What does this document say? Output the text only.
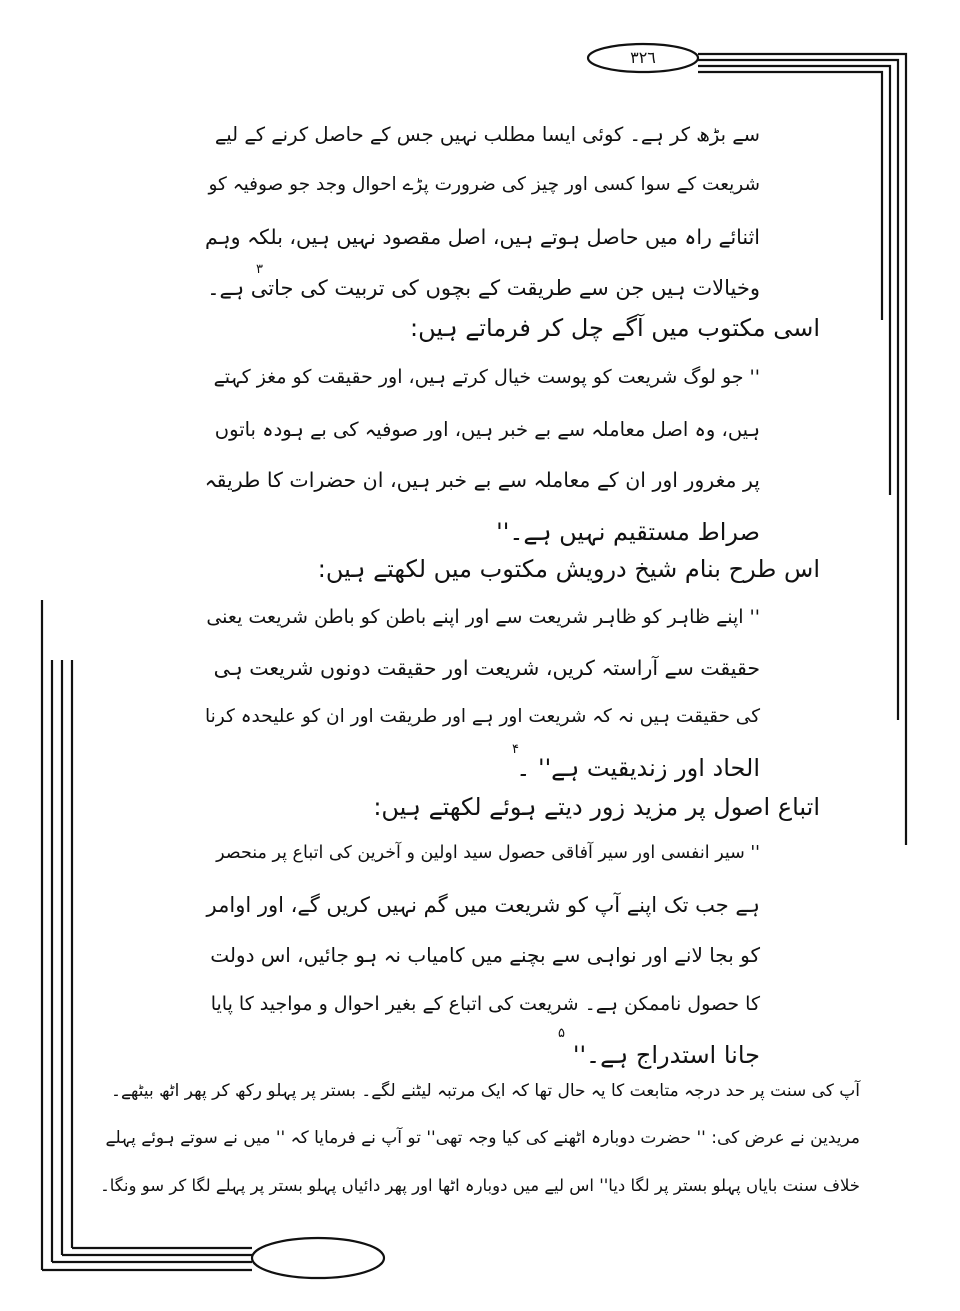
٣٢٦
سے بڑھ کر ہے۔ کوئی ایسا مطلب نہیں جس کے حاصل کرنے کے لیے
شریعت کے سوا کسی اور چیز کی ضرورت پڑے احوال وجد جو صوفیہ کو
اثنائے راہ میں حاصل ہوتے ہیں، اصل مقصود نہیں ہیں، بلکہ وہم
وخیالات ہیں جن سے طریقت کے بچوں کی تربیت کی جاتی ہے۔
۳
اسی مکتوب میں آگے چل کر فرماتے ہیں:
'' جو لوگ شریعت کو پوست خیال کرتے ہیں، اور حقیقت کو مغز کہتے
ہیں، وہ اصل معاملہ سے بے خبر ہیں، اور صوفیہ کی بے ہودہ باتوں
پر مغرور اور ان کے معاملہ سے بے خبر ہیں، ان حضرات کا طریقہ
صراط مستقیم نہیں ہے۔''
اس طرح بنام شیخ درویش مکتوب میں لکھتے ہیں:
'' اپنے ظاہر کو ظاہر شریعت سے اور اپنے باطن کو باطن شریعت یعنی
حقیقت سے آراستہ کریں، شریعت اور حقیقت دونوں شریعت ہی
کی حقیقت ہیں نہ کہ شریعت اور ہے اور طریقت اور ان کو علیحدہ کرنا
الحاد اور زندیقیت ہے'' ۔
۴
اتباع اصول پر مزید زور دیتے ہوئے لکھتے ہیں:
'' سیر انفسی اور سیر آفاقی حصول سید اولین و آخرین کی اتباع پر منحصر
ہے جب تک اپنے آپ کو شریعت میں گم نہیں کریں گے، اور اوامر
کو بجا لانے اور نواہی سے بچنے میں کامیاب نہ ہو جائیں، اس دولت
کا حصول ناممکن ہے۔ شریعت کی اتباع کے بغیر احوال و مواجید کا پایا
جانا استدراج ہے۔''
۵
آپ کی سنت پر حد درجہ متابعت کا یہ حال تھا کہ ایک مرتبہ لیٹنے لگے۔ بستر پر پہلو رکھ کر پھر اٹھ بیٹھے۔
مریدین نے عرض کی: '' حضرت دوبارہ اٹھنے کی کیا وجہ تھی'' تو آپ نے فرمایا کہ '' میں نے سوتے ہوئے پہلے
خلاف سنت بایاں پہلو بستر پر لگا دیا'' اس لیے میں دوبارہ اٹھا اور پھر دائیاں پہلو بستر پر پہلے لگا کر سو ونگا۔
